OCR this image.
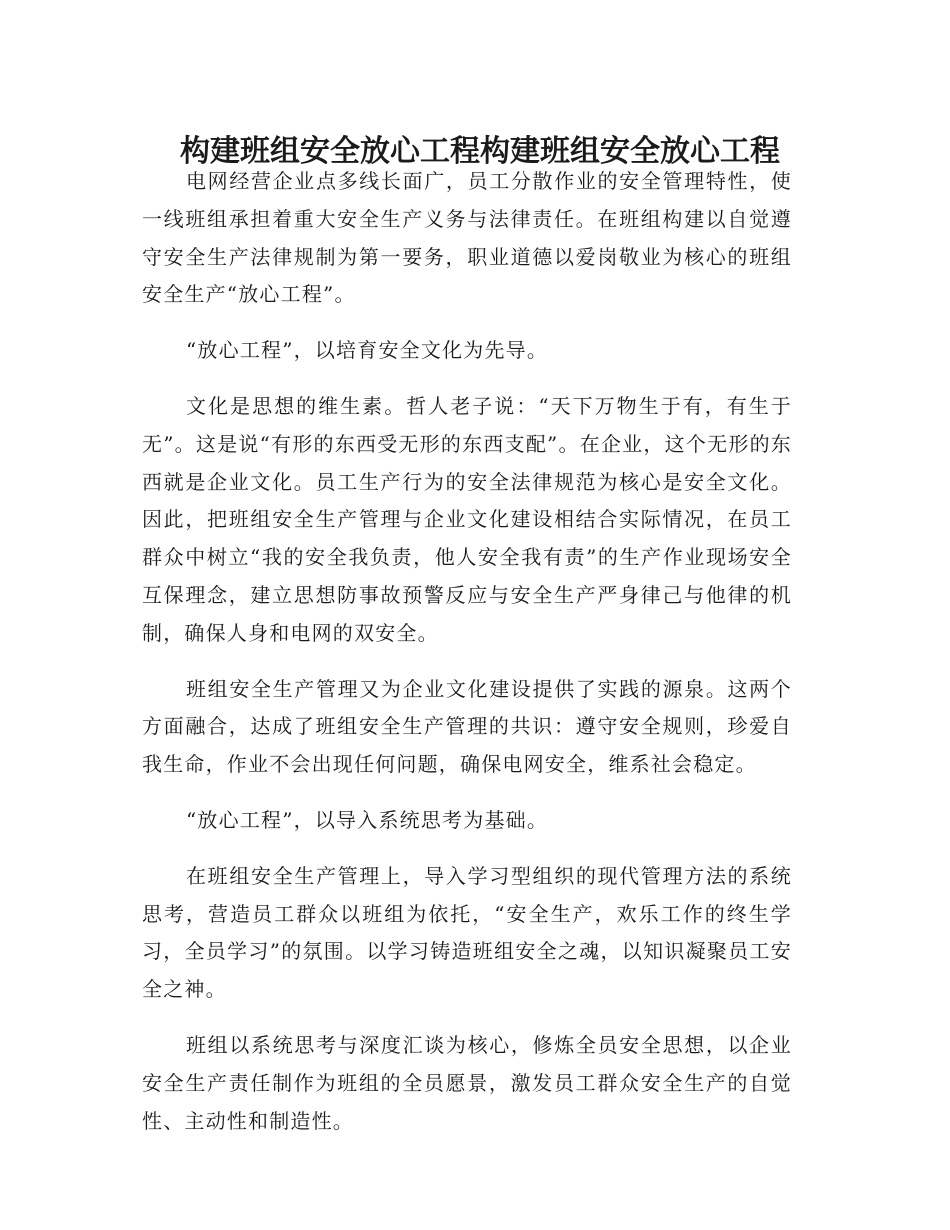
构建班组安全放心工程构建班组安全放心工程

电网经营企业点多线长面广，员工分散作业的安全管理特性，使一线班组承担着重大安全生产义务与法律责任。在班组构建以自觉遵守安全生产法律规制为第一要务，职业道德以爱岗敬业为核心的班组安全生产“放心工程”。

“放心工程”，以培育安全文化为先导。

文化是思想的维生素。哲人老子说：“天下万物生于有，有生于无”。这是说“有形的东西受无形的东西支配”。在企业，这个无形的东西就是企业文化。员工生产行为的安全法律规范为核心是安全文化。因此，把班组安全生产管理与企业文化建设相结合实际情况，在员工群众中树立“我的安全我负责，他人安全我有责”的生产作业现场安全互保理念，建立思想防事故预警反应与安全生产严身律己与他律的机制，确保人身和电网的双安全。

班组安全生产管理又为企业文化建设提供了实践的源泉。这两个方面融合，达成了班组安全生产管理的共识：遵守安全规则，珍爱自我生命，作业不会出现任何问题，确保电网安全，维系社会稳定。

“放心工程”，以导入系统思考为基础。

在班组安全生产管理上，导入学习型组织的现代管理方法的系统思考，营造员工群众以班组为依托，“安全生产，欢乐工作的终生学习，全员学习”的氛围。以学习铸造班组安全之魂，以知识凝聚员工安全之神。

班组以系统思考与深度汇谈为核心，修炼全员安全思想，以企业安全生产责任制作为班组的全员愿景，激发员工群众安全生产的自觉性、主动性和制造性。
